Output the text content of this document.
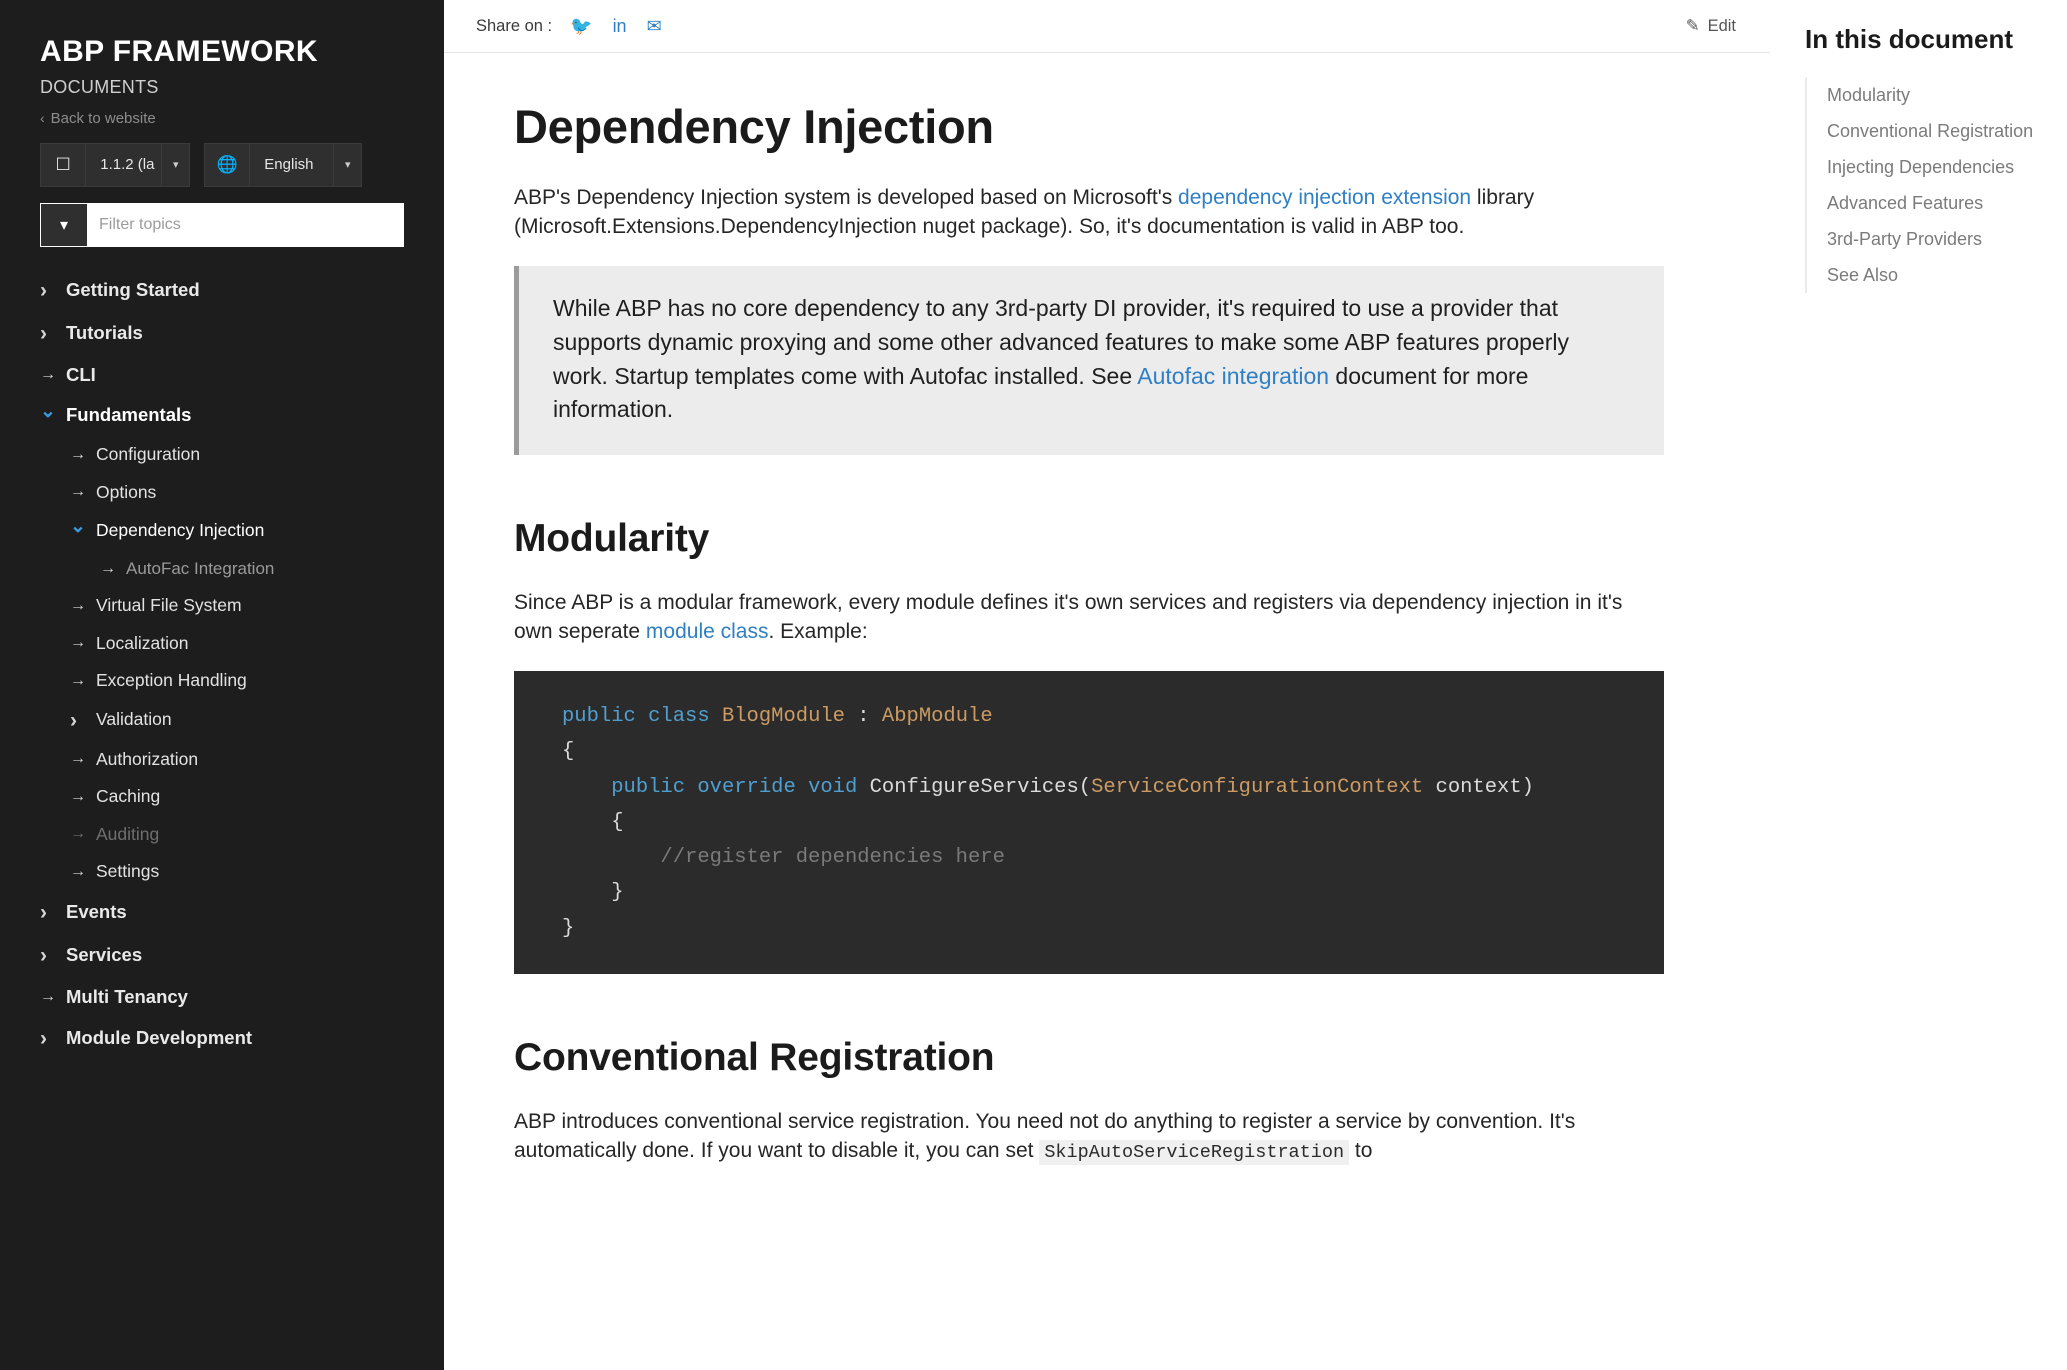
ABP FRAMEWORK
DOCUMENTS
‹ Back to website
☐	1.1.2 (la	▾	🌐	English	▾
▾
Filter topics
›
Getting Started
›
Tutorials
→
CLI
⌄
Fundamentals
→
Configuration
→
Options
⌄
Dependency Injection
→
AutoFac Integration
→
Virtual File System
→
Localization
→
Exception Handling
›
Validation
→
Authorization
→
Caching
→
Auditing
→
Settings
›
Events
›
Services
→
Multi Tenancy
›
Module Development
Share on : 🐦 in ✉	✎ Edit
Dependency Injection

ABP's Dependency Injection system is developed based on Microsoft's dependency injection extension library (Microsoft.Extensions.DependencyInjection nuget package). So, it's documentation is valid in ABP too.

While ABP has no core dependency to any 3rd-party DI provider, it's required to use a provider that supports dynamic proxying and some other advanced features to make some ABP features properly work. Startup templates come with Autofac installed. See Autofac integration document for more information.

Modularity

Since ABP is a modular framework, every module defines it's own services and registers via dependency injection in it's own seperate module class. Example:

public class BlogModule : AbpModule
{
public override void ConfigureServices(ServiceConfigurationContext context)
{
//register dependencies here
}
}
Conventional Registration

ABP introduces conventional service registration. You need not do anything to register a service by convention. It's automatically done. If you want to disable it, you can set SkipAutoServiceRegistration to

In this document
Modularity
Conventional Registration
Injecting Dependencies
Advanced Features
3rd-Party Providers
See Also
